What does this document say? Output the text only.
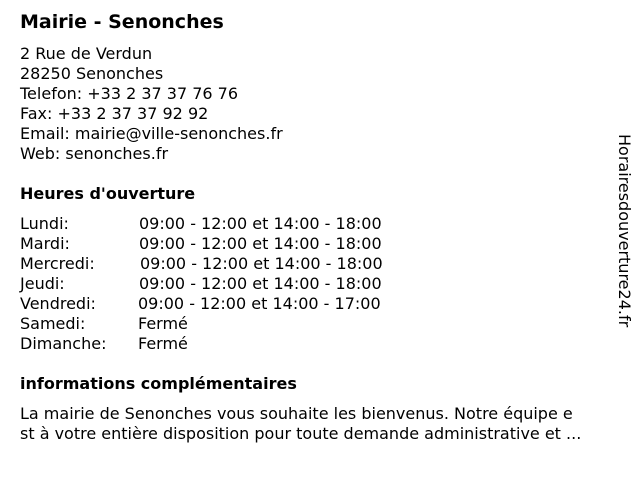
Mairie - Senonches
2 Rue de Verdun
28250 Senonches
Telefon: +33 2 37 37 76 76
Fax: +33 2 37 37 92 92
Email: mairie@ville-senonches.fr
Web: senonches.fr
Heures d'ouverture
Lundi:	09:00 - 12:00 et 14:00 - 18:00
Mardi:	09:00 - 12:00 et 14:00 - 18:00
Mercredi:	09:00 - 12:00 et 14:00 - 18:00
Jeudi:	09:00 - 12:00 et 14:00 - 18:00
Vendredi:	09:00 - 12:00 et 14:00 - 17:00
Samedi:	Fermé
Dimanche: Fermé
informations complémentaires
La mairie de Senonches vous souhaite les bienvenus. Notre équipe e
st à votre entière disposition pour toute demande administrative et ...
Horairesdouverture24.fr
